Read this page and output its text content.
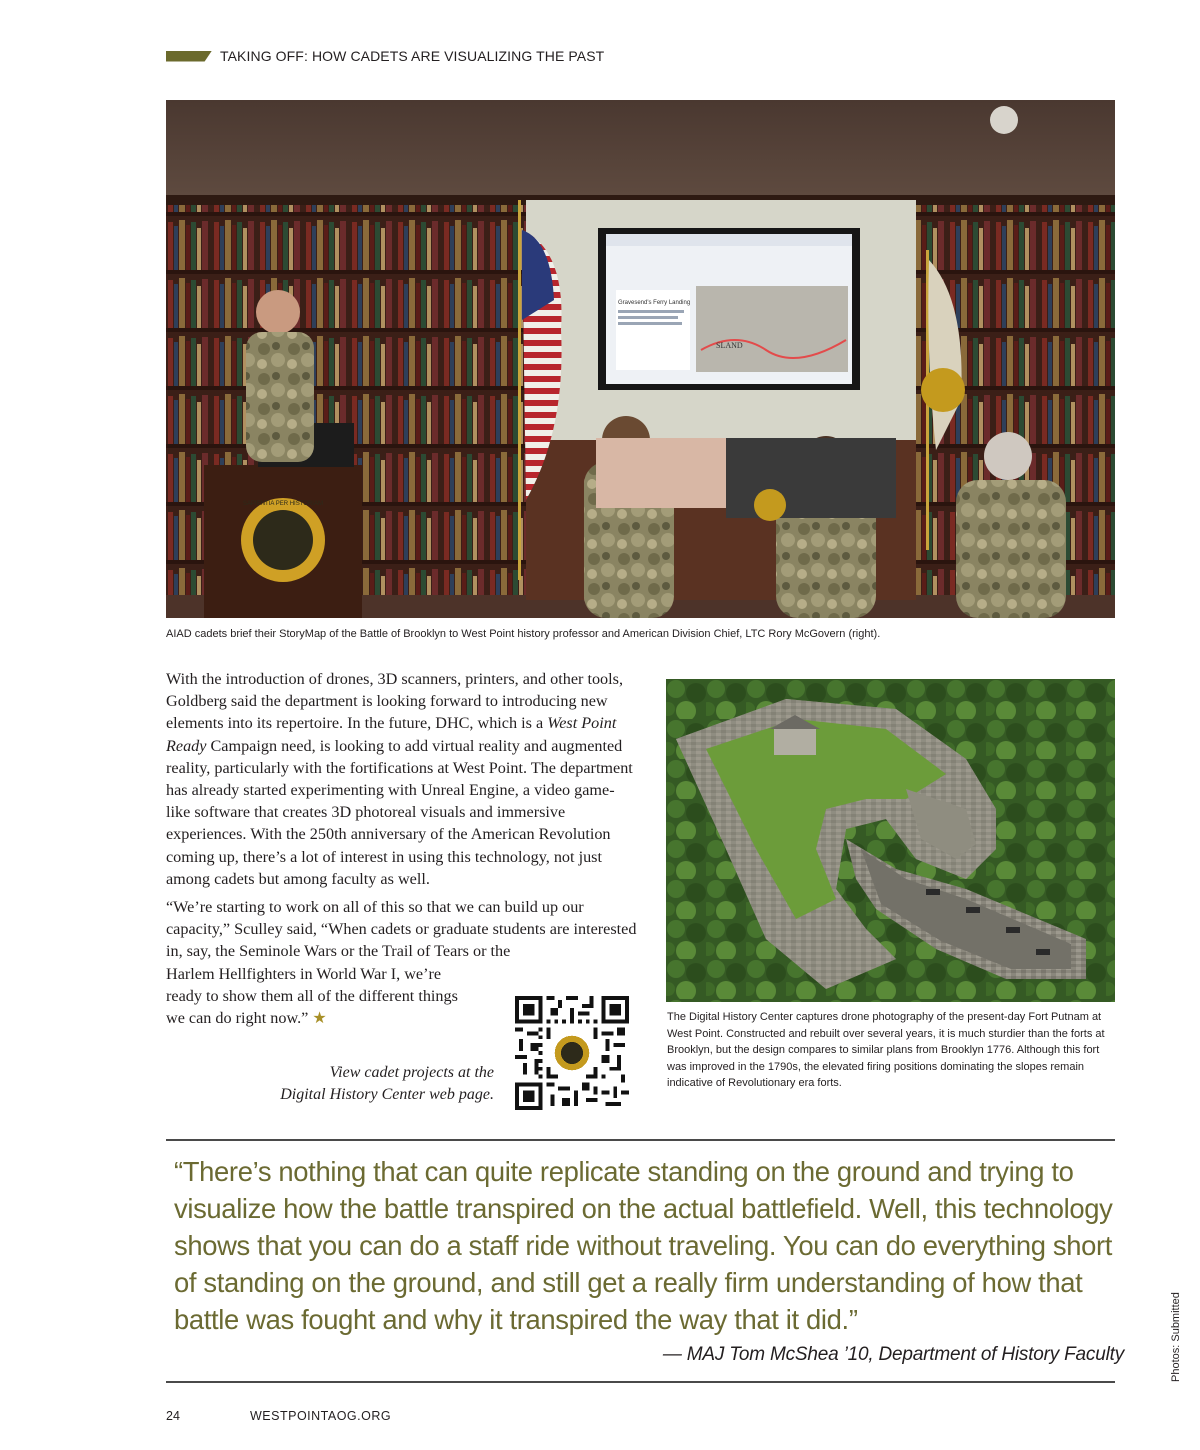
TAKING OFF: HOW CADETS ARE VISUALIZING THE PAST
Gravesend's Ferry Landing
SLAND
SAPIENTIA PER HISTORIAM
AIAD cadets brief their StoryMap of the Battle of Brooklyn to West Point history professor and American Division Chief, LTC Rory McGovern (right).

With the introduction of drones, 3D scanners, printers, and other tools, Goldberg said the department is looking forward to introducing new elements into its repertoire. In the future, DHC, which is a West Point Ready Campaign need, is looking to add virtual reality and augmented reality, particularly with the fortifications at West Point. The department has already started experimenting with Unreal Engine, a video game-like software that creates 3D photoreal visuals and immersive experiences. With the 250th anniversary of the American Revolution coming up, there’s a lot of interest in using this technology, not just among cadets but among faculty as well.

“We’re starting to work on all of this so that we can build up our capacity,” Sculley said, “When cadets or graduate students are interested in, say, the Seminole Wars or the Trail of Tears or the
Harlem Hellfighters in World War I, we’re
ready to show them all of the different things
we can do right now.” ★

View cadet projects at the
Digital History Center web page.
The Digital History Center captures drone photography of the present-day Fort Putnam at West Point. Constructed and rebuilt over several years, it is much sturdier than the forts at Brooklyn, but the design compares to similar plans from Brooklyn 1776. Although this fort was improved in the 1790s, the elevated firing positions dominating the slopes remain indicative of Revolutionary era forts.
“There’s nothing that can quite replicate standing on the ground and trying to visualize how the battle transpired on the actual battlefield. Well, this technology shows that you can do a staff ride without traveling. You can do everything short of standing on the ground, and still get a really firm understanding of how that battle was fought and why it transpired the way that it did.”
— MAJ Tom McShea ’10, Department of History Faculty	Photos: Submitted
24	WESTPOINTAOG.ORG
